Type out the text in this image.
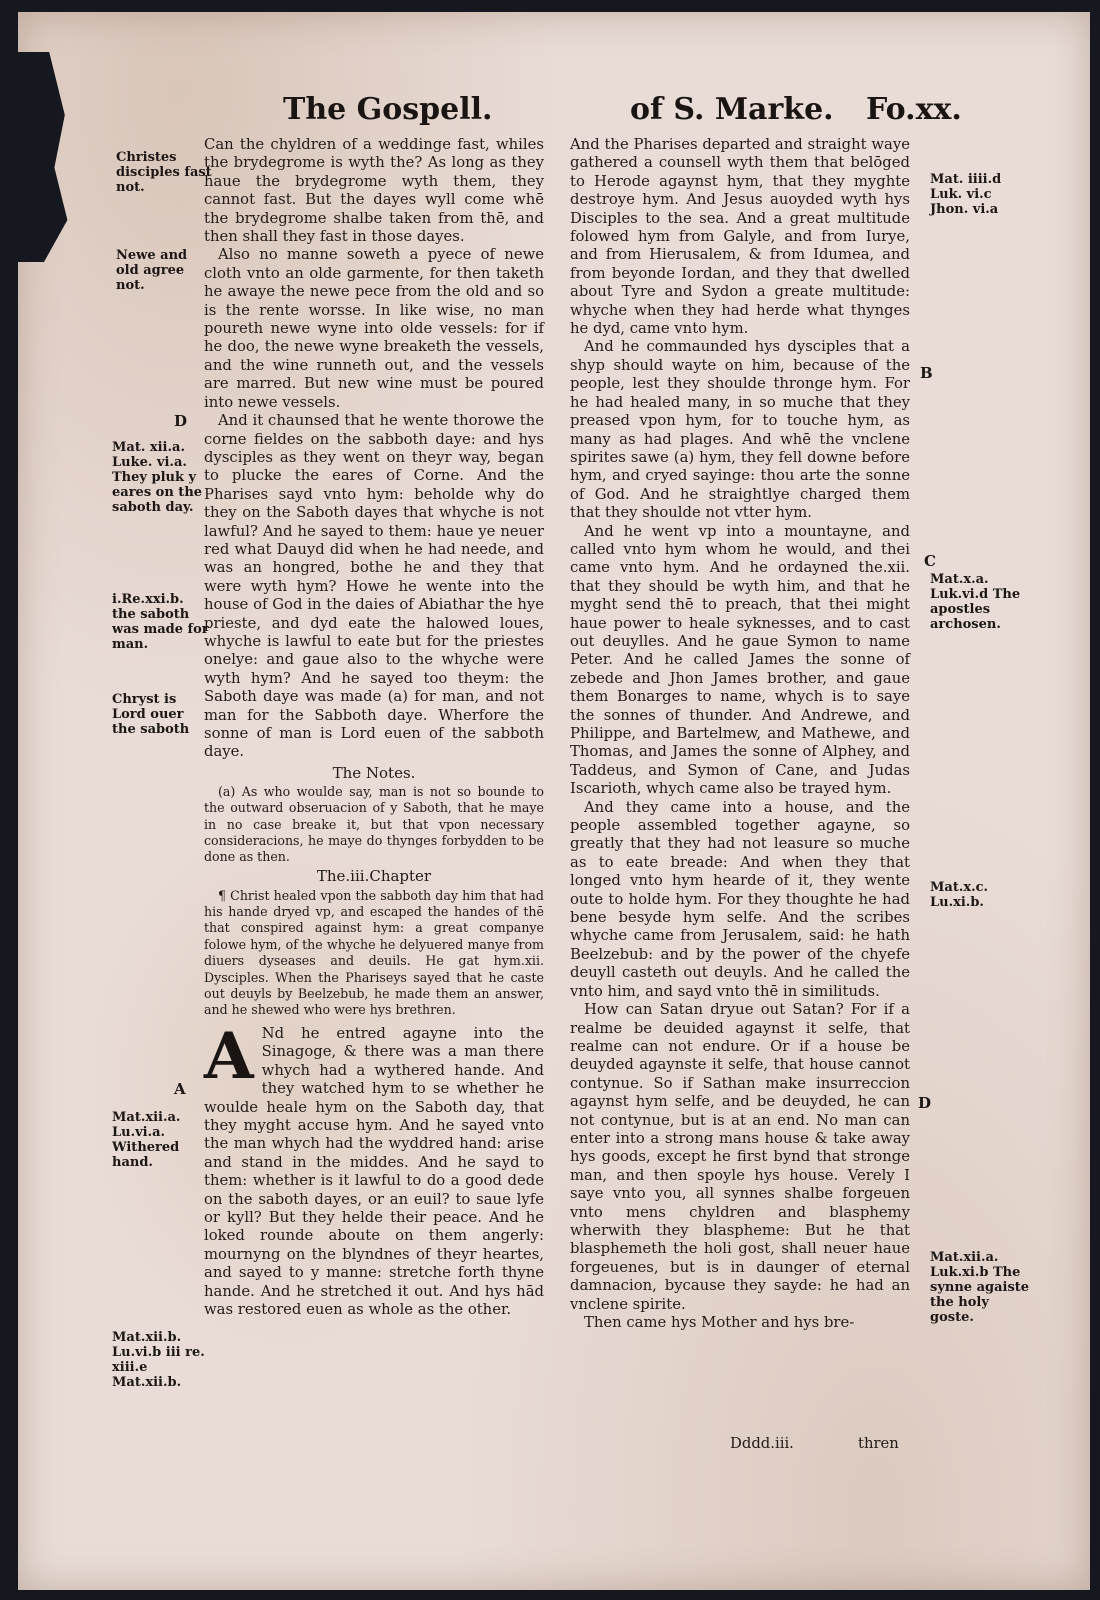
The Gospell.	of S. Marke. Fo.xx.

Can the chyldren of a weddinge fast, whiles the brydegrome is wyth the? As long as they haue the brydegrome wyth them, they cannot fast. But the dayes wyll come whē the brydegrome shalbe taken from thē, and then shall they fast in those dayes.

Also no manne soweth a pyece of newe cloth vnto an olde garmente, for then taketh he awaye the newe pece from the old and so is the rente worsse. In like wise, no man poureth newe wyne into olde vessels: for if he doo, the newe wyne breaketh the vessels, and the wine runneth out, and the vessels are marred. But new wine must be poured into newe vessels.

And it chaunsed that he wente thorowe the corne fieldes on the sabboth daye: and hys dysciples as they went on theyr way, began to plucke the eares of Corne. And the Pharises sayd vnto hym: beholde why do they on the Saboth dayes that whyche is not lawful? And he sayed to them: haue ye neuer red what Dauyd did when he had neede, and was an hongred, bothe he and they that were wyth hym? Howe he wente into the house of God in the daies of Abiathar the hye prieste, and dyd eate the halowed loues, whyche is lawful to eate but for the priestes onelye: and gaue also to the whyche were wyth hym? And he sayed too theym: the Saboth daye was made (a) for man, and not man for the Sabboth daye. Wherfore the sonne of man is Lord euen of the sabboth daye.

The Notes.

(a) As who woulde say, man is not so bounde to the outward obseruacion of y Saboth, that he maye in no case breake it, but that vpon necessary consideracions, he maye do thynges forbydden to be done as then.

The.iii.Chapter

¶ Christ healed vpon the sabboth day him that had his hande dryed vp, and escaped the handes of thē that conspired against hym: a great companye folowe hym, of the whyche he delyuered manye from diuers dyseases and deuils. He gat hym.xii. Dysciples. When the Phariseys sayed that he caste out deuyls by Beelzebub, he made them an answer, and he shewed who were hys brethren.

A Nd he entred agayne into the Sinagoge, & there was a man there whych had a wythered hande. And they watched hym to se whether he woulde heale hym on the Saboth day, that they myght accuse hym. And he sayed vnto the man whych had the wyddred hand: arise and stand in the middes. And he sayd to them: whether is it lawful to do a good dede on the saboth dayes, or an euil? to saue lyfe or kyll? But they helde their peace. And he loked rounde aboute on them angerly: mournyng on the blyndnes of theyr heartes, and sayed to y manne: stretche forth thyne hande. And he stretched it out. And hys hād was restored euen as whole as the other.

And the Pharises departed and straight waye gathered a counsell wyth them that belōged to Herode agaynst hym, that they myghte destroye hym. And Jesus auoyded wyth hys Disciples to the sea. And a great multitude folowed hym from Galyle, and from Iurye, and from Hierusalem, & from Idumea, and from beyonde Iordan, and they that dwelled about Tyre and Sydon a greate multitude: whyche when they had herde what thynges he dyd, came vnto hym.

And he commaunded hys dysciples that a shyp should wayte on him, because of the people, lest they shoulde thronge hym. For he had healed many, in so muche that they preased vpon hym, for to touche hym, as many as had plages. And whē the vnclene spirites sawe (a) hym, they fell downe before hym, and cryed sayinge: thou arte the sonne of God. And he straightlye charged them that they shoulde not vtter hym.

And he went vp into a mountayne, and called vnto hym whom he would, and thei came vnto hym. And he ordayned the.xii. that they should be wyth him, and that he myght send thē to preach, that thei might haue power to heale syknesses, and to cast out deuylles. And he gaue Symon to name Peter. And he called James the sonne of zebede and Jhon James brother, and gaue them Bonarges to name, whych is to saye the sonnes of thunder. And Andrewe, and Philippe, and Bartelmew, and Mathewe, and Thomas, and James the sonne of Alphey, and Taddeus, and Symon of Cane, and Judas Iscarioth, whych came also be trayed hym.

And they came into a house, and the people assembled together agayne, so greatly that they had not leasure so muche as to eate breade: And when they that longed vnto hym hearde of it, they wente oute to holde hym. For they thoughte he had bene besyde hym selfe. And the scribes whyche came from Jerusalem, said: he hath Beelzebub: and by the power of the chyefe deuyll casteth out deuyls. And he called the vnto him, and sayd vnto thē in similituds.

How can Satan dryue out Satan? For if a realme be deuided agaynst it selfe, that realme can not endure. Or if a house be deuyded agaynste it selfe, that house cannot contynue. So if Sathan make insurreccion agaynst hym selfe, and be deuyded, he can not contynue, but is at an end. No man can enter into a strong mans house & take away hys goods, except he first bynd that stronge man, and then spoyle hys house. Verely I saye vnto you, all synnes shalbe forgeuen vnto mens chyldren and blasphemy wherwith they blaspheme: But he that blasphemeth the holi gost, shall neuer haue forgeuenes, but is in daunger of eternal damnacion, bycause they sayde: he had an vnclene spirite.

Then came hys Mother and hys bre-

Dddd.iii.	thren
Christes disciples fast not.
Newe and old agree not.
Mat. xii.a. Luke. vi.a. They pluk y eares on the saboth day.
i.Re.xxi.b. the saboth was made for man.
Chryst is Lord ouer the saboth
Mat.xii.a. Lu.vi.a. Withered hand.
Mat.xii.b. Lu.vi.b iii re. xiii.e Mat.xii.b.
Mat. iiii.d Luk. vi.c Jhon. vi.a
Mat.x.a. Luk.vi.d The apostles archosen.
Mat.x.c. Lu.xi.b.
Mat.xii.a. Luk.xi.b The synne agaiste the holy goste.
D
A
B
C
D
